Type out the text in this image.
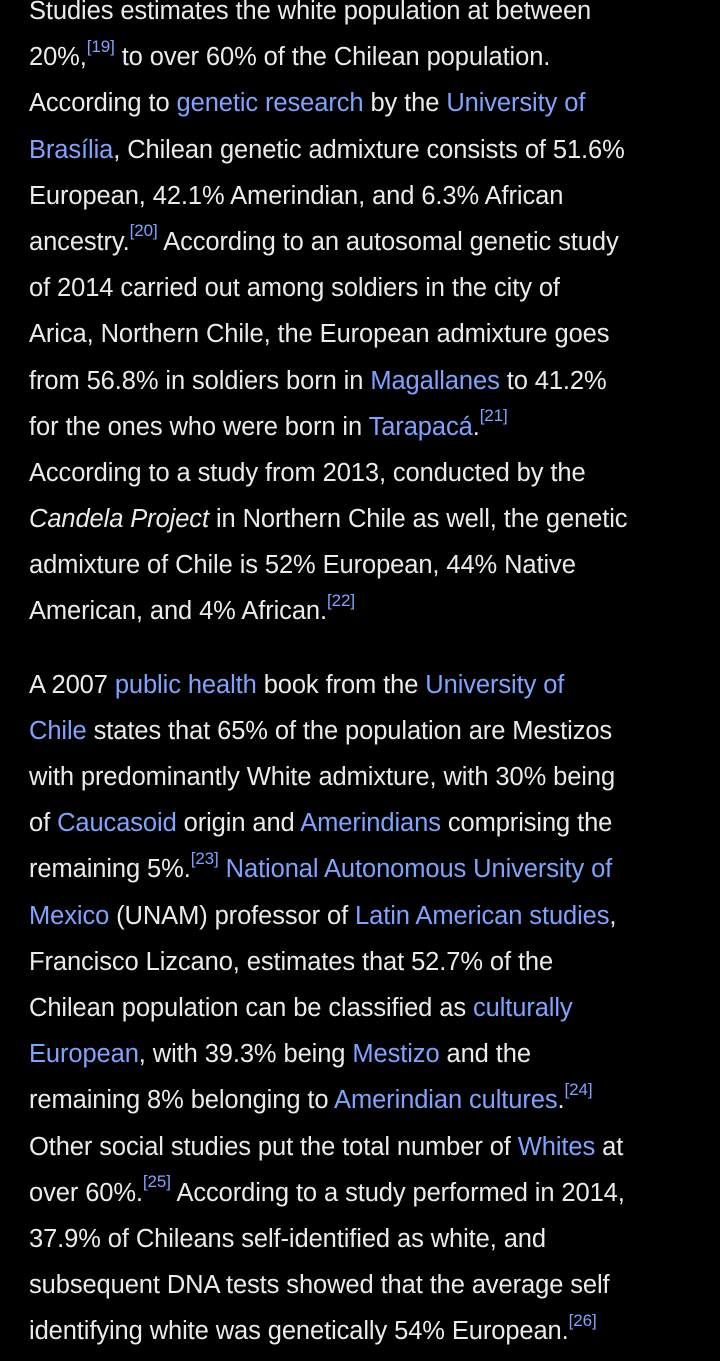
Studies estimates the white population at between
20%,[19] to over 60% of the Chilean population.
According to genetic research by the University of
Brasília, Chilean genetic admixture consists of 51.6%
European, 42.1% Amerindian, and 6.3% African
ancestry.[20] According to an autosomal genetic study
of 2014 carried out among soldiers in the city of
Arica, Northern Chile, the European admixture goes
from 56.8% in soldiers born in Magallanes to 41.2%
for the ones who were born in Tarapacá.[21]
According to a study from 2013, conducted by the
Candela Project in Northern Chile as well, the genetic
admixture of Chile is 52% European, 44% Native
American, and 4% African.[22]

A 2007 public health book from the University of
Chile states that 65% of the population are Mestizos
with predominantly White admixture, with 30% being
of Caucasoid origin and Amerindians comprising the
remaining 5%.[23] National Autonomous University of
Mexico (UNAM) professor of Latin American studies,
Francisco Lizcano, estimates that 52.7% of the
Chilean population can be classified as culturally
European, with 39.3% being Mestizo and the
remaining 8% belonging to Amerindian cultures.[24]
Other social studies put the total number of Whites at
over 60%.[25] According to a study performed in 2014,
37.9% of Chileans self-identified as white, and
subsequent DNA tests showed that the average self
identifying white was genetically 54% European.[26]
